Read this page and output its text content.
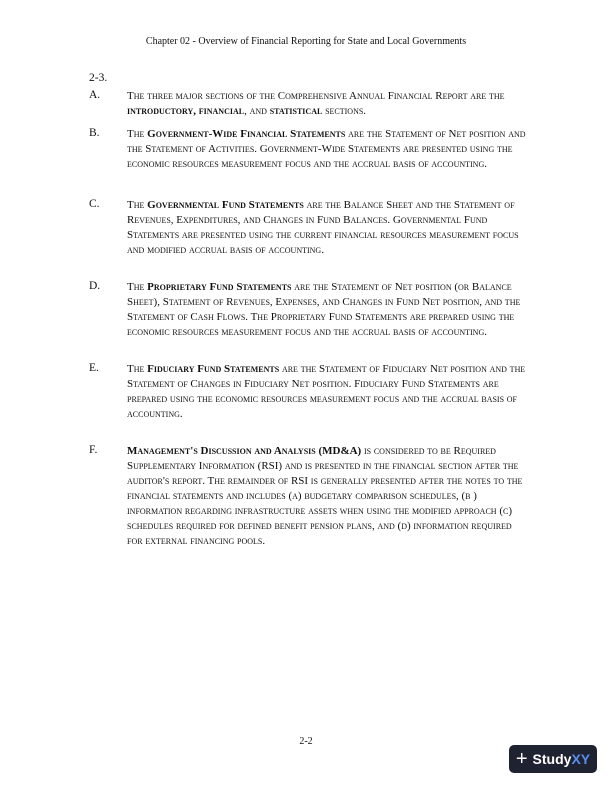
Chapter 02 - Overview of Financial Reporting for State and Local Governments
2-3.
A. The three major sections of the Comprehensive Annual Financial Report are the introductory, financial, and statistical sections.
B. The Government-Wide Financial Statements are the Statement of Net position and the Statement of Activities. Government-Wide Statements are presented using the economic resources measurement focus and the accrual basis of accounting.
C. The Governmental Fund Statements are the Balance Sheet and the Statement of Revenues, Expenditures, and Changes in Fund Balances. Governmental Fund Statements are presented using the current financial resources measurement focus and modified accrual basis of accounting.
D. The Proprietary Fund Statements are the Statement of Net position (or Balance Sheet), Statement of Revenues, Expenses, and Changes in Fund Net position, and the Statement of Cash Flows. The Proprietary Fund Statements are prepared using the economic resources measurement focus and the accrual basis of accounting.
E.	The Fiduciary Fund Statements are the Statement of Fiduciary Net position and the Statement of Changes in Fiduciary Net position. Fiduciary Fund Statements are prepared using the economic resources measurement focus and the accrual basis of accounting.
F.	Management's Discussion and Analysis (MD&A) is considered to be Required Supplementary Information (RSI) and is presented in the financial section after the auditor's report. The remainder of RSI is generally presented after the notes to the financial statements and includes (a) budgetary comparison schedules, (b ) information regarding infrastructure assets when using the modified approach (c) schedules required for defined benefit pension plans, and (d) information required for external financing pools.
2-2
+ Study XY
